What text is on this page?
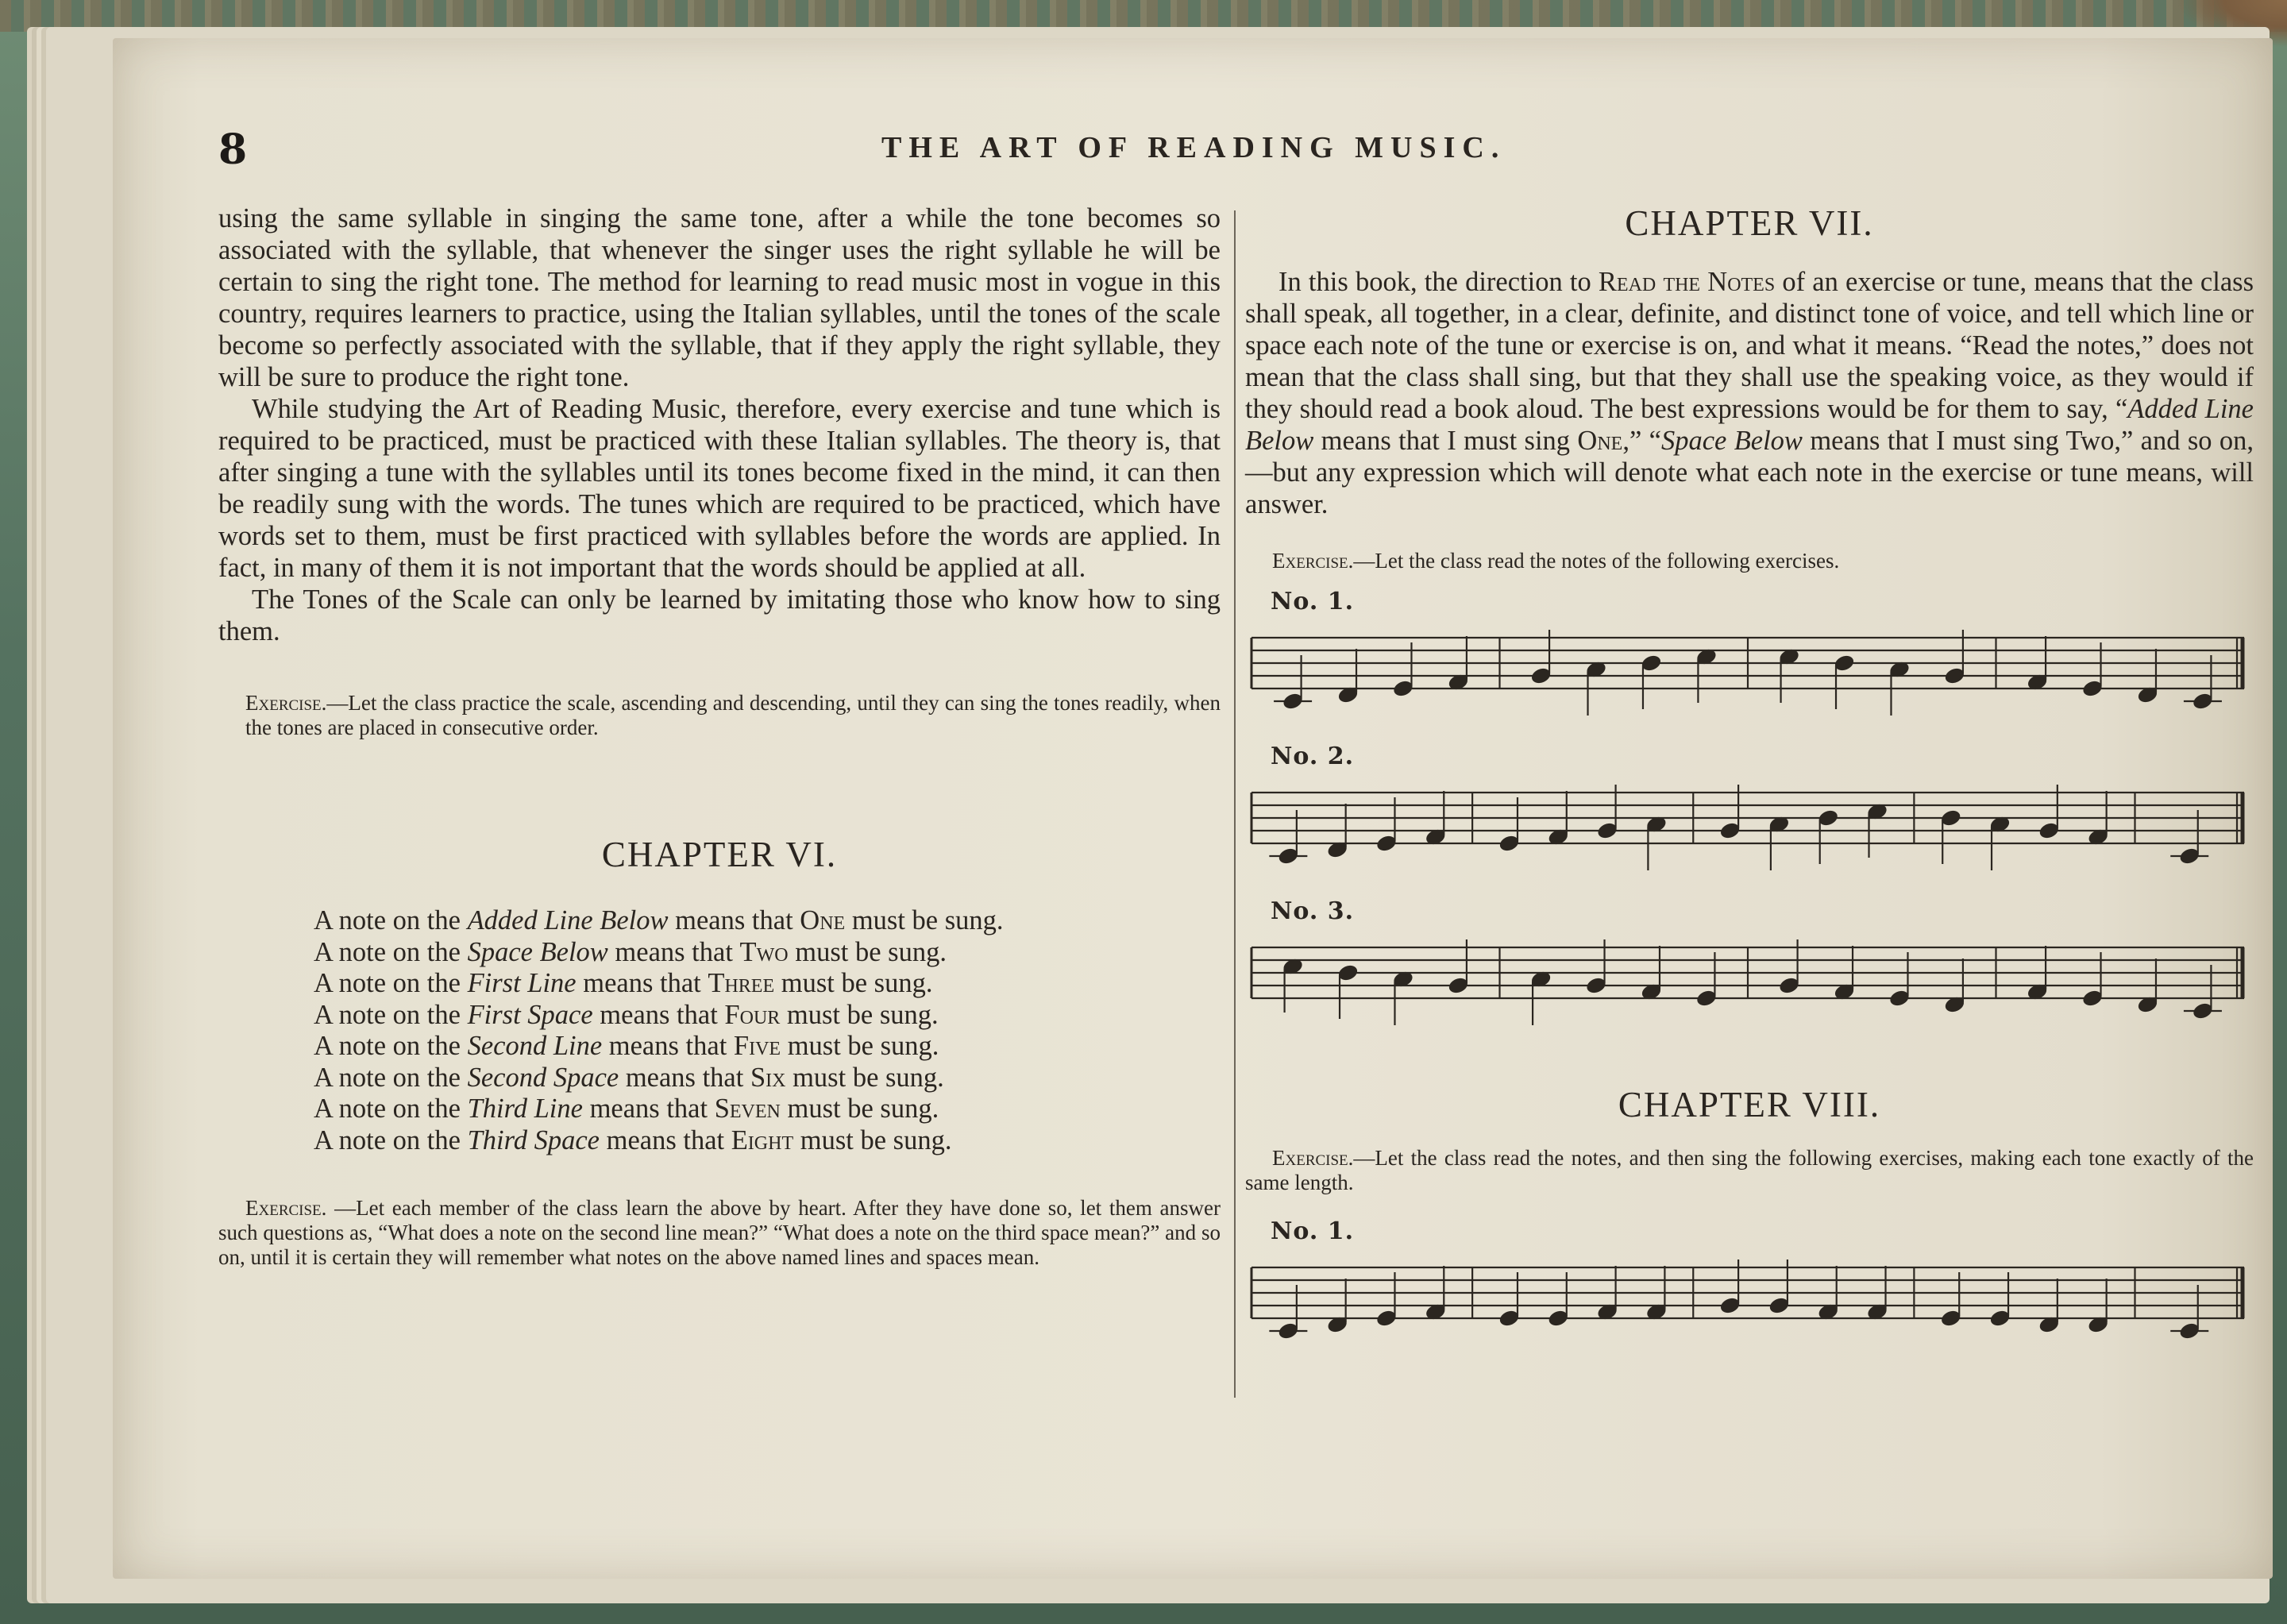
8	THE ART OF READING MUSIC.

using the same syllable in singing the same tone, after a while the tone becomes so associated with the syllable, that whenever the singer uses the right syllable he will be certain to sing the right tone. The method for learning to read music most in vogue in this country, requires learners to practice, using the Italian syllables, until the tones of the scale become so perfectly associated with the syllable, that if they apply the right syllable, they will be sure to produce the right tone.

While studying the Art of Reading Music, therefore, every exercise and tune which is required to be practiced, must be practiced with these Italian syllables. The theory is, that after singing a tune with the syllables until its tones become fixed in the mind, it can then be readily sung with the words. The tunes which are required to be practiced, which have words set to them, must be first practiced with syllables before the words are applied. In fact, in many of them it is not important that the words should be applied at all.

The Tones of the Scale can only be learned by imitating those who know how to sing them.

Exercise.—Let the class practice the scale, ascending and descending, until they can sing the tones readily, when the tones are placed in consecutive order.

CHAPTER VI.

A note on the Added Line Below means that One must be sung.
A note on the Space Below means that Two must be sung.
A note on the First Line means that Three must be sung.
A note on the First Space means that Four must be sung.
A note on the Second Line means that Five must be sung.
A note on the Second Space means that Six must be sung.
A note on the Third Line means that Seven must be sung.
A note on the Third Space means that Eight must be sung.

Exercise. —Let each member of the class learn the above by heart. After they have done so, let them answer such questions as, “What does a note on the second line mean?” “What does a note on the third space mean?” and so on, until it is certain they will remember what notes on the above named lines and spaces mean.

CHAPTER VII.

In this book, the direction to Read the Notes of an exercise or tune, means that the class shall speak, all together, in a clear, definite, and distinct tone of voice, and tell which line or space each note of the tune or exercise is on, and what it means. “Read the notes,” does not mean that the class shall sing, but that they shall use the speaking voice, as they would if they should read a book aloud. The best expressions would be for them to say, “Added Line Below means that I must sing One,” “Space Below means that I must sing Two,” and so on,—but any expression which will denote what each note in the exercise or tune means, will answer.

Exercise.—Let the class read the notes of the following exercises.

No. 1.

No. 2.

No. 3.

CHAPTER VIII.

Exercise.—Let the class read the notes, and then sing the following exercises, making each tone exactly of the same length.

No. 1.
